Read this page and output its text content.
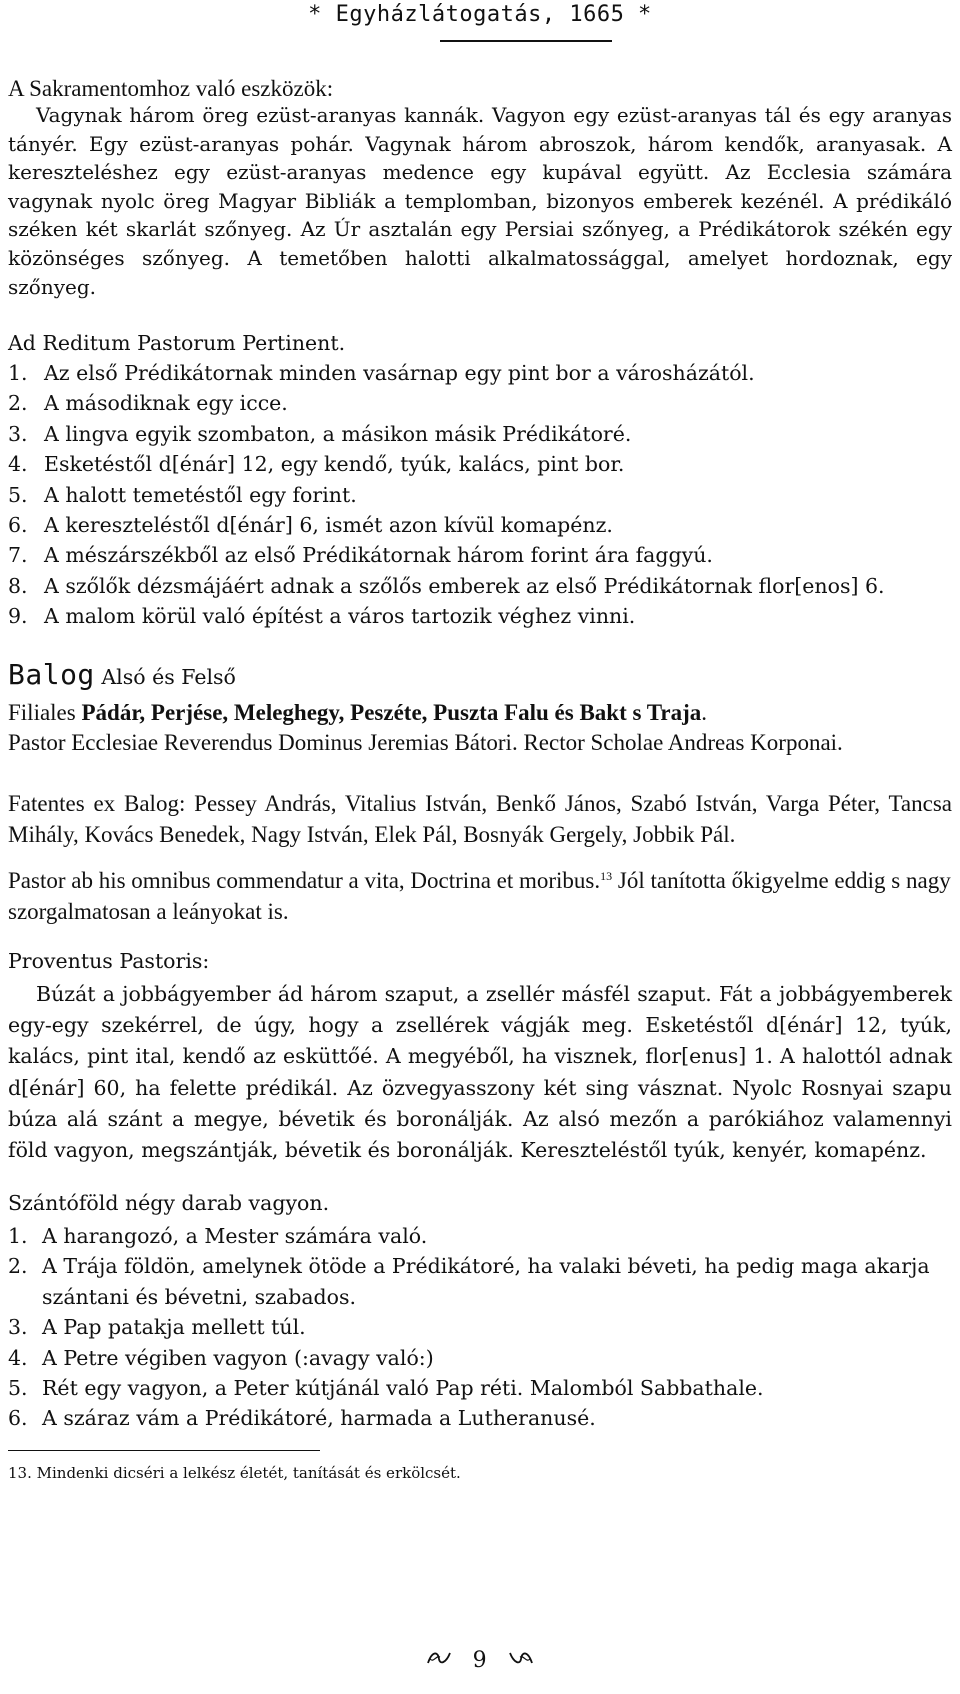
* Egyházlátogatás, 1665 *
A Sakramentomhoz való eszközök:
Vagynak három öreg ezüst-aranyas kannák. Vagyon egy ezüst-aranyas tál és egy aranyas tányér. Egy ezüst-aranyas pohár. Vagynak három abroszok, három kendők, aranyasak. A kereszteléshez egy ezüst-aranyas medence egy kupával együtt. Az Ecclesia számára vagynak nyolc öreg Magyar Bibliák a templomban, bizonyos emberek kezénél. A prédikáló széken két skarlát szőnyeg. Az Úr asztalán egy Persiai szőnyeg, a Prédikátorok székén egy közönséges szőnyeg. A temetőben halotti alkalmatossággal, amelyet hordoznak, egy szőnyeg.
Ad Reditum Pastorum Pertinent.
1. Az első Prédikátornak minden vasárnap egy pint bor a városházától.
2. A másodiknak egy icce.
3. A lingva egyik szombaton, a másikon másik Prédikátoré.
4. Esketéstől d[énár] 12, egy kendő, tyúk, kalács, pint bor.
5. A halott temetéstől egy forint.
6. A kereszteléstől d[énár] 6, ismét azon kívül komapénz.
7. A mészárszékből az első Prédikátornak három forint ára faggyú.
8. A szőlők dézsmájáért adnak a szőlős emberek az első Prédikátornak flor[enos] 6.
9. A malom körül való építést a város tartozik véghez vinni.
Balog Alsó és Felső
Filiales Pádár, Perjése, Meleghegy, Peszéte, Puszta Falu és Bakt s Traja.
Pastor Ecclesiae Reverendus Dominus Jeremias Bátori. Rector Scholae Andreas Korponai.
Fatentes ex Balog: Pessey András, Vitalius István, Benkő János, Szabó István, Varga Péter, Tancsa Mihály, Kovács Benedek, Nagy István, Elek Pál, Bosnyák Gergely, Jobbik Pál.
Pastor ab his omnibus commendatur a vita, Doctrina et moribus.$^{13}$ Jól tanította őkigyelme eddig s nagy szorgalmatosan a leányokat is.
Proventus Pastoris:
Búzát a jobbágyember ád három szaput, a zsellér másfél szaput. Fát a jobbágyemberek egy-egy szekérrel, de úgy, hogy a zsellérek vágják meg. Esketéstől d[énár] 12, tyúk, kalács, pint ital, kendő az esküttőé. A megyéből, ha visznek, flor[enus] 1. A halottól adnak d[énár] 60, ha felette prédikál. Az özvegyasszony két sing vásznat. Nyolc Rosnyai szapu búza alá szánt a megye, bévetik és boronálják. Az alsó mezőn a parókiához valamennyi föld vagyon, megszántják, bévetik és boronálják. Kereszteléstől tyúk, kenyér, komapénz.
Szántóföld négy darab vagyon.
1. A harangozó, a Mester számára való.
2. A Trája földön, amelynek ötöde a Prédikátoré, ha valaki béveti, ha pedig maga akarja szántani és bévetni, szabados.
3. A Pap patakja mellett túl.
4. A Petre végiben vagyon (:avagy való:)
5. Rét egy vagyon, a Peter kútjánál való Pap réti. Malomból Sabbathale.
6. A száraz vám a Prédikátoré, harmada a Lutheranusé.
13. Mindenki dicséri a lelkész életét, tanítását és erkölcsét.
9
